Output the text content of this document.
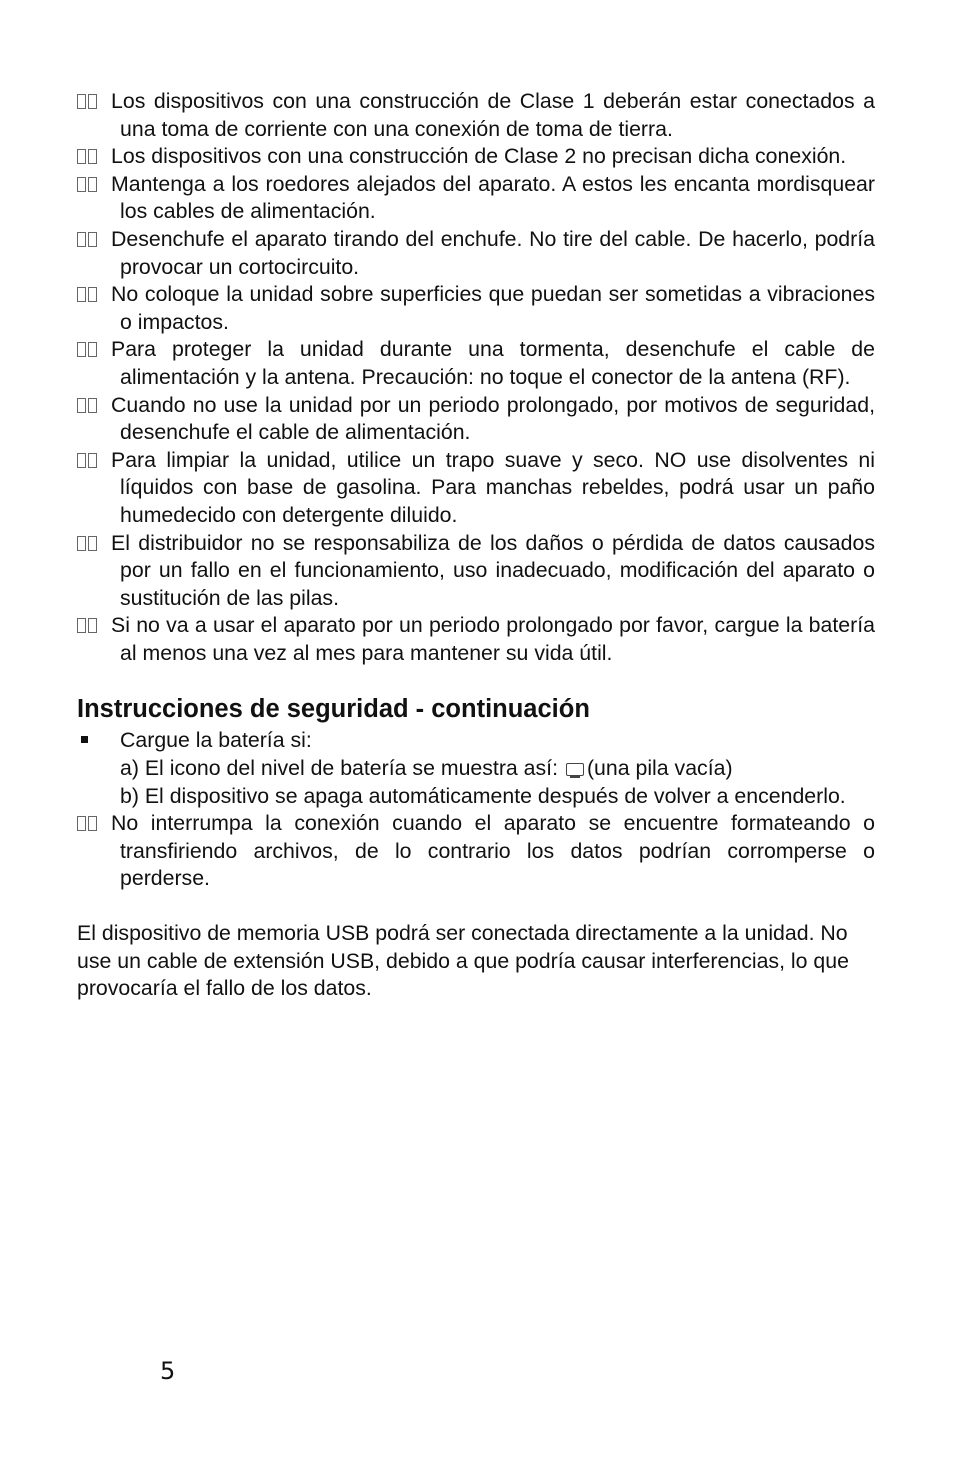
Los dispositivos con una construcción de Clase 1 deberán estar conectados a una toma de corriente con una conexión de toma de tierra.
Los dispositivos con una construcción de Clase 2 no precisan dicha conexión.
Mantenga a los roedores alejados del aparato. A estos les encanta mordisquear los cables de alimentación.
Desenchufe el aparato tirando del enchufe. No tire del cable. De hacerlo, podría provocar un cortocircuito.
No coloque la unidad sobre superficies que puedan ser sometidas a vibraciones o impactos.
Para proteger la unidad durante una tormenta, desenchufe el cable de alimentación y la antena. Precaución: no toque el conector de la antena (RF).
Cuando no use la unidad por un periodo prolongado, por motivos de seguridad, desenchufe el cable de alimentación.
Para limpiar la unidad, utilice un trapo suave y seco. NO use disolventes ni líquidos con base de gasolina. Para manchas rebeldes, podrá usar un paño humedecido con detergente diluido.
El distribuidor no se responsabiliza de los daños o pérdida de datos causados por un fallo en el funcionamiento, uso inadecuado, modificación del aparato o sustitución de las pilas.
Si no va a usar el aparato por un periodo prolongado por favor, cargue la batería al menos una vez al mes para mantener su vida útil.
Instrucciones de seguridad - continuación
Cargue la batería si:
a) El icono del nivel de batería se muestra así: (una pila vacía)
b) El dispositivo se apaga automáticamente después de volver a encenderlo.
No interrumpa la conexión cuando el aparato se encuentre formateando o transfiriendo archivos, de lo contrario los datos podrían corromperse o perderse.
El dispositivo de memoria USB podrá ser conectada directamente a la unidad. No use un cable de extensión USB, debido a que podría causar interferencias, lo que provocaría el fallo de los datos.
5
